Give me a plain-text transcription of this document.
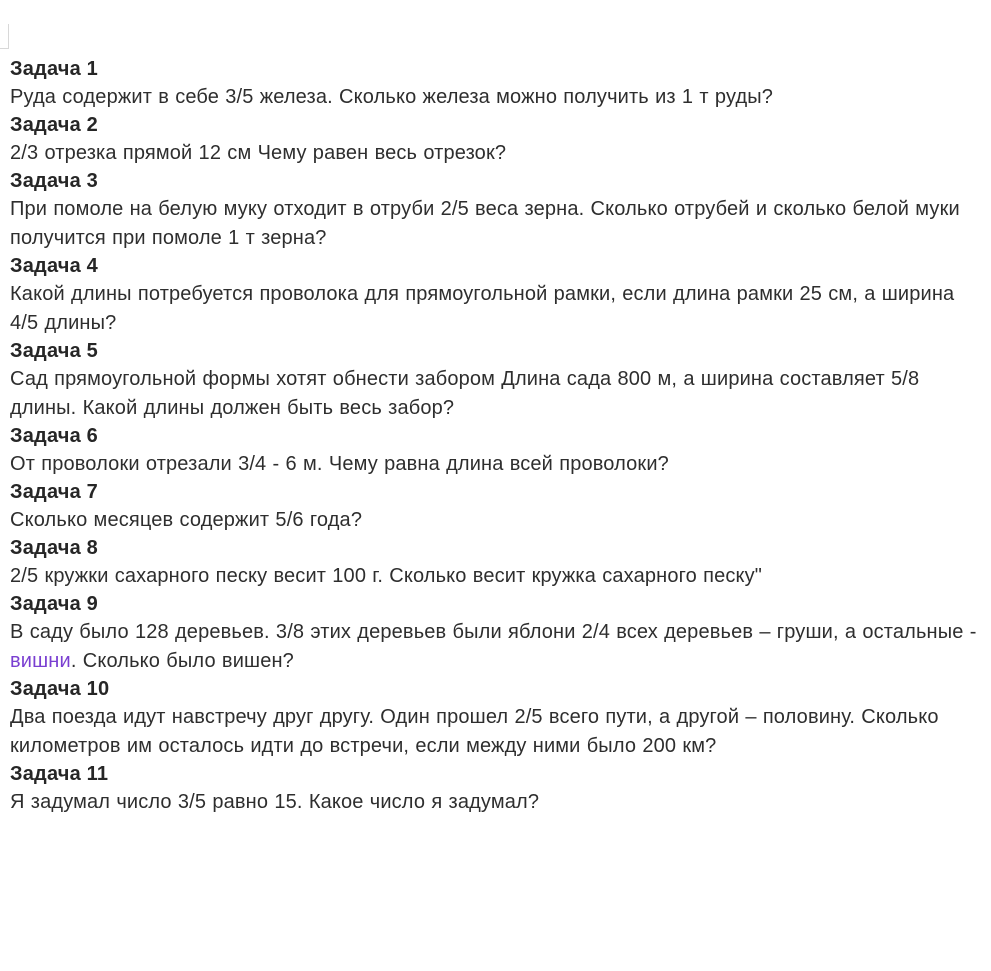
Задача 1
Руда содержит в себе 3/5 железа. Сколько железа можно получить из 1 т руды?
Задача 2
2/3 отрезка прямой 12 см Чему равен весь отрезок?
Задача 3
При помоле на белую муку отходит в отруби 2/5 веса зерна. Сколько отрубей и сколько белой муки получится при помоле 1 т зерна?
Задача 4
Какой длины потребуется проволока для прямоугольной рамки, если длина рамки 25 см, а ширина 4/5 длины?
Задача 5
Сад прямоугольной формы хотят обнести забором Длина сада 800 м, а ширина составляет 5/8 длины. Какой длины должен быть весь забор?
Задача 6
От проволоки отрезали 3/4 - 6 м. Чему равна длина всей проволоки?
Задача 7
Сколько месяцев содержит 5/6 года?
Задача 8
2/5 кружки сахарного песку весит 100 г. Сколько весит кружка сахарного песку"
Задача 9
В саду было 128 деревьев. 3/8 этих деревьев были яблони 2/4 всех деревьев – груши, а остальные - вишни. Сколько было вишен?
Задача 10
Два поезда идут навстречу друг другу. Один прошел 2/5 всего пути, а другой – половину. Сколько километров им осталось идти до встречи, если между ними было 200 км?
Задача 11
Я задумал число 3/5 равно 15. Какое число я задумал?
